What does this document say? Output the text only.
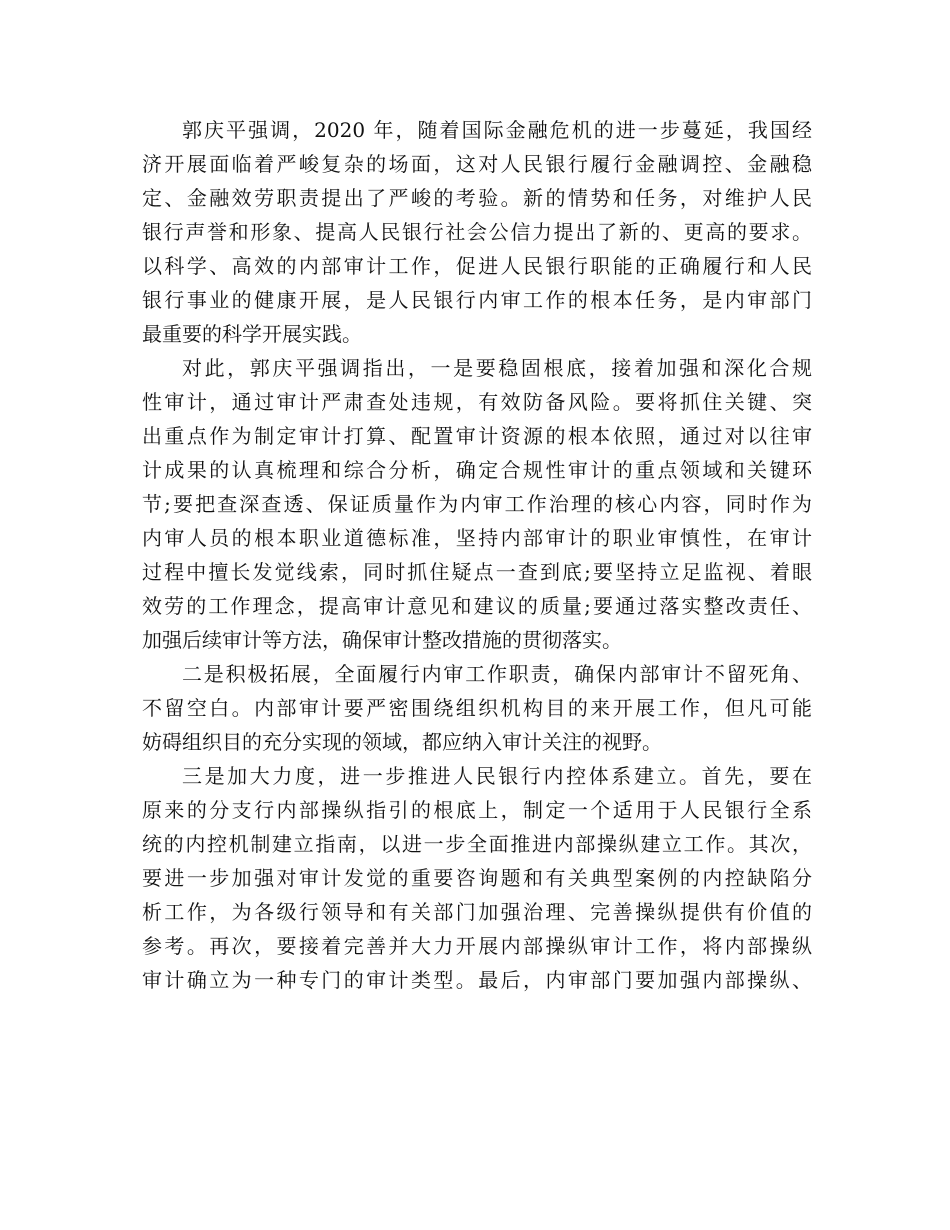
郭庆平强调，2020 年，随着国际金融危机的进一步蔓延，我国经
济开展面临着严峻复杂的场面，这对人民银行履行金融调控、金融稳
定、金融效劳职责提出了严峻的考验。新的情势和任务，对维护人民
银行声誉和形象、提高人民银行社会公信力提出了新的、更高的要求。
以科学、高效的内部审计工作，促进人民银行职能的正确履行和人民
银行事业的健康开展，是人民银行内审工作的根本任务，是内审部门
最重要的科学开展实践。
对此，郭庆平强调指出，一是要稳固根底，接着加强和深化合规
性审计，通过审计严肃查处违规，有效防备风险。要将抓住关键、突
出重点作为制定审计打算、配置审计资源的根本依照，通过对以往审
计成果的认真梳理和综合分析，确定合规性审计的重点领域和关键环
节;要把查深查透、保证质量作为内审工作治理的核心内容，同时作为
内审人员的根本职业道德标准，坚持内部审计的职业审慎性，在审计
过程中擅长发觉线索，同时抓住疑点一查到底;要坚持立足监视、着眼
效劳的工作理念，提高审计意见和建议的质量;要通过落实整改责任、
加强后续审计等方法，确保审计整改措施的贯彻落实。
二是积极拓展，全面履行内审工作职责，确保内部审计不留死角、
不留空白。内部审计要严密围绕组织机构目的来开展工作，但凡可能
妨碍组织目的充分实现的领域，都应纳入审计关注的视野。
三是加大力度，进一步推进人民银行内控体系建立。首先，要在
原来的分支行内部操纵指引的根底上，制定一个适用于人民银行全系
统的内控机制建立指南，以进一步全面推进内部操纵建立工作。其次，
要进一步加强对审计发觉的重要咨询题和有关典型案例的内控缺陷分
析工作，为各级行领导和有关部门加强治理、完善操纵提供有价值的
参考。再次，要接着完善并大力开展内部操纵审计工作，将内部操纵
审计确立为一种专门的审计类型。最后，内审部门要加强内部操纵、
